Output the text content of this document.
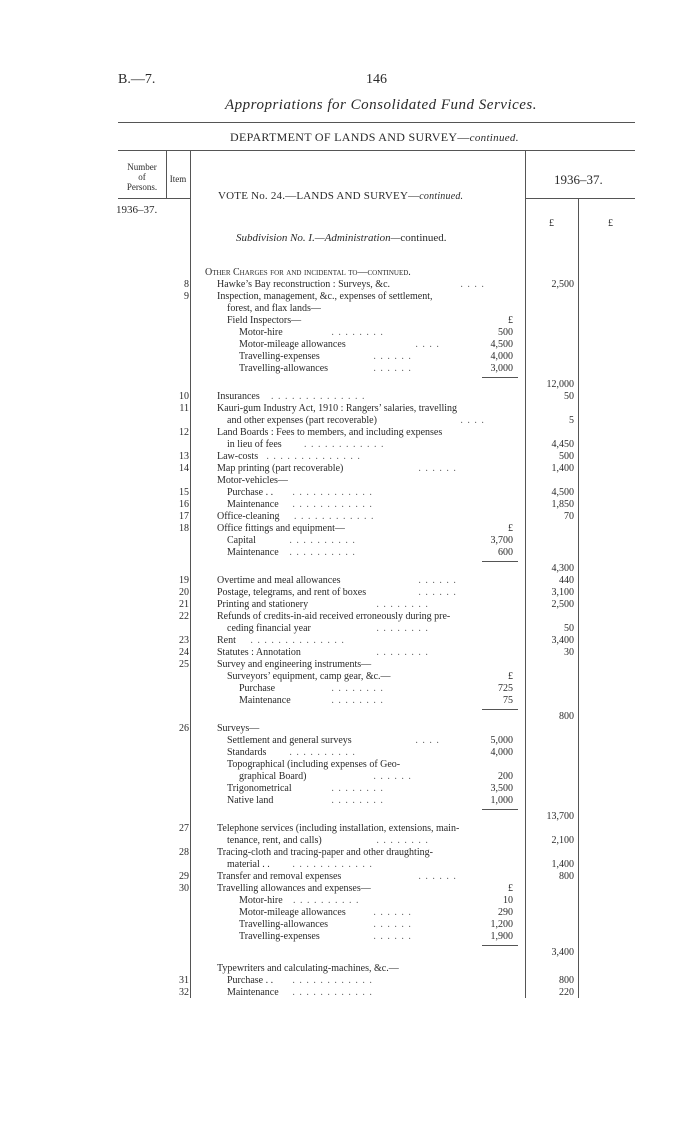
B.—7.	146
Appropriations for Consolidated Fund Services.
DEPARTMENT OF LANDS AND SURVEY—continued.
Number
of
Persons.
Item	1936–37.
1936–37.
£	£
VOTE No. 24.—LANDS AND SURVEY—continued.
Subdivision No. I.—Administration—continued.
Other Charges for and incidental to—continued.
8	Hawke’s Bay reconstruction : Surveys, &c.	. . . .	2,500
9	Inspection, management, &c., expenses of settlement,
forest, and flax lands—
Field Inspectors—	£
Motor-hire	. . . . . . . .	500
Motor-mileage allowances	. . . .	4,500
Travelling-expenses	. . . . . .	4,000
Travelling-allowances	. . . . . .	3,000
12,000
10	Insurances . . . . . . . . . . . . . .	50
11	Kauri-gum Industry Act, 1910 : Rangers’ salaries, travelling
and other expenses (part recoverable)	. . . .	5
12	Land Boards : Fees to members, and including expenses
in lieu of fees . . . . . . . . . . . .	4,450
13	Law-costs . . . . . . . . . . . . . .	500
14	Map printing (part recoverable)	. . . . . .	1,400
Motor-vehicles—
15	Purchase . . . . . . . . . . . . . .	4,500
16	Maintenance . . . . . . . . . . . .	1,850
17	Office-cleaning . . . . . . . . . . . .	70
18	Office fittings and equipment—	£
Capital	. . . . . . . . . .	3,700
Maintenance . . . . . . . . . .	600
4,300
19	Overtime and meal allowances	. . . . . .	440
20	Postage, telegrams, and rent of boxes	. . . . . .	3,100
21	Printing and stationery	. . . . . . . .	2,500
22	Refunds of credits-in-aid received erroneously during pre-
ceding financial year	. . . . . . . .	50
23	Rent . . . . . . . . . . . . . .	3,400
24	Statutes : Annotation	. . . . . . . .	30
25	Survey and engineering instruments—
Surveyors’ equipment, camp gear, &c.—	£
Purchase	. . . . . . . .	725
Maintenance	. . . . . . . .	75
800
26	Surveys—
Settlement and general surveys	. . . .	5,000
Standards . . . . . . . . . .	4,000
Topographical (including expenses of Geo-
graphical Board)	. . . . . .	200
Trigonometrical	. . . . . . . .	3,500
Native land	. . . . . . . .	1,000
13,700
27	Telephone services (including installation, extensions, main-
tenance, rent, and calls)	. . . . . . . .	2,100
28	Tracing-cloth and tracing-paper and other draughting-
material . . . . . . . . . . . . . .	1,400
29	Transfer and removal expenses	. . . . . .	800
30	Travelling allowances and expenses—	£
Motor-hire . . . . . . . . . .	10
Motor-mileage allowances	. . . . . .	290
Travelling-allowances	. . . . . .	1,200
Travelling-expenses	. . . . . .	1,900
3,400
Typewriters and calculating-machines, &c.—
31	Purchase . . . . . . . . . . . . . .	800
32	Maintenance . . . . . . . . . . . .	220
